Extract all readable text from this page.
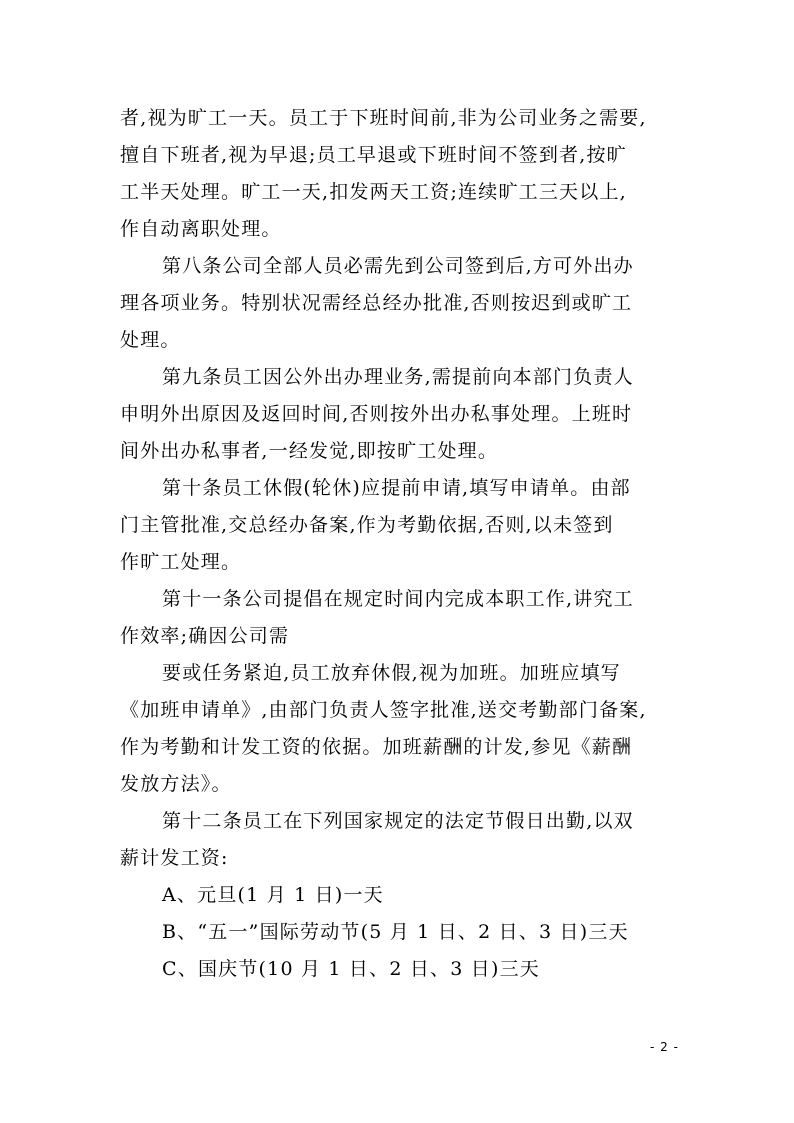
者,视为旷工一天。员工于下班时间前,非为公司业务之需要,
擅自下班者,视为早退;员工早退或下班时间不签到者,按旷
工半天处理。旷工一天,扣发两天工资;连续旷工三天以上,
作自动离职处理。
第八条公司全部人员必需先到公司签到后,方可外出办
理各项业务。特别状况需经总经办批准,否则按迟到或旷工
处理。
第九条员工因公外出办理业务,需提前向本部门负责人
申明外出原因及返回时间,否则按外出办私事处理。上班时
间外出办私事者,一经发觉,即按旷工处理。
第十条员工休假(轮休)应提前申请,填写申请单。由部
门主管批准,交总经办备案,作为考勤依据,否则,以未签到
作旷工处理。
第十一条公司提倡在规定时间内完成本职工作,讲究工
作效率;确因公司需
要或任务紧迫,员工放弃休假,视为加班。加班应填写
《加班申请单》,由部门负责人签字批准,送交考勤部门备案,
作为考勤和计发工资的依据。加班薪酬的计发,参见《薪酬
发放方法》。
第十二条员工在下列国家规定的法定节假日出勤,以双
薪计发工资:
A、元旦(1 月 1 日)一天
B、“五一”国际劳动节(5 月 1 日、2 日、3 日)三天
C、国庆节(10 月 1 日、2 日、3 日)三天
- 2 -
